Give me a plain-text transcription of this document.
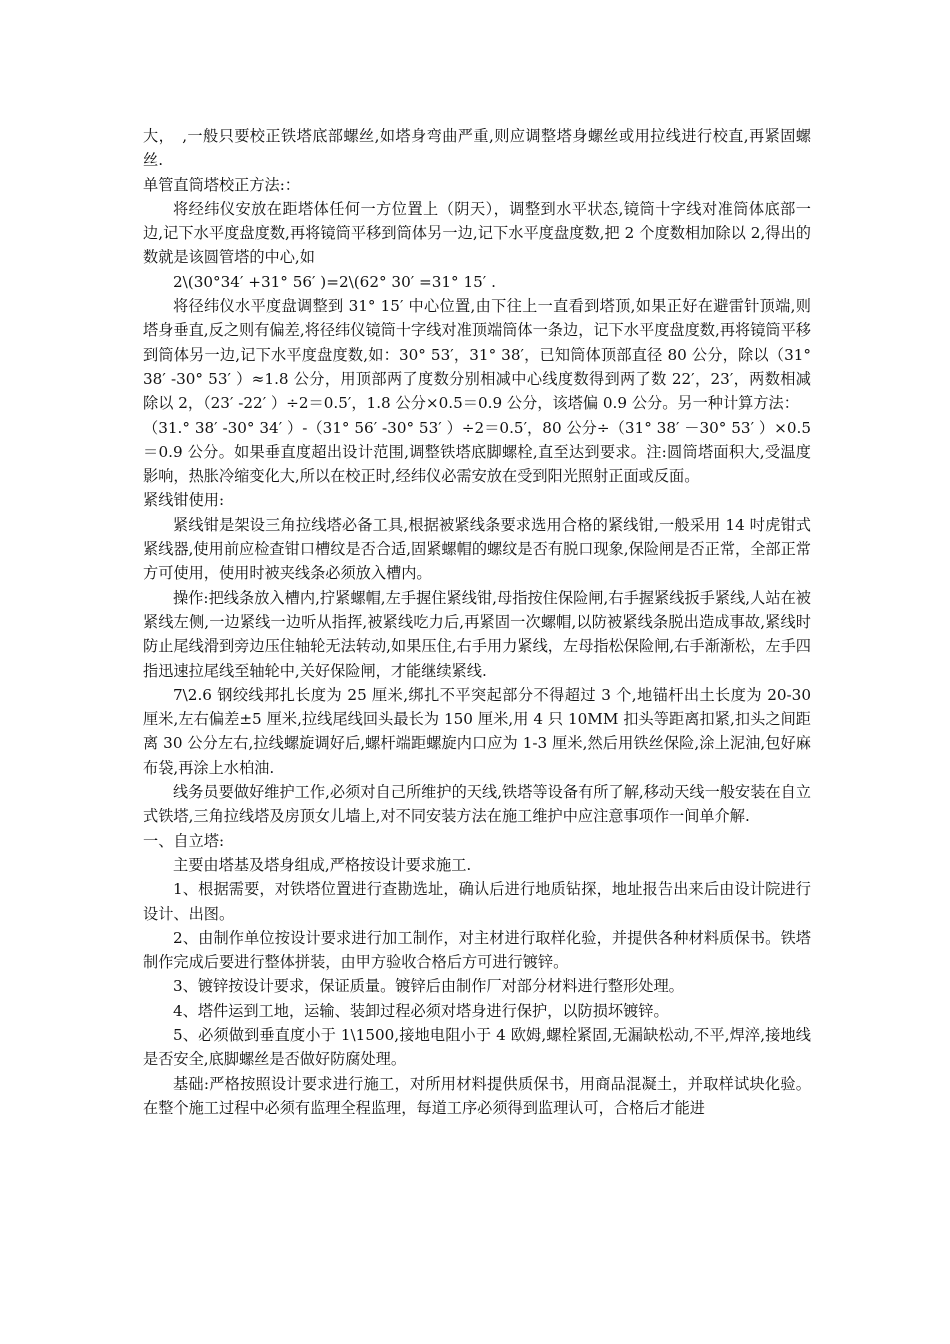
大，　,一般只要校正铁塔底部螺丝,如塔身弯曲严重,则应调整塔身螺丝或用拉线进行校直,再紧固螺丝.

单管直筒塔校正方法:：

将经纬仪安放在距塔体任何一方位置上（阴天），调整到水平状态,镜筒十字线对准筒体底部一边,记下水平度盘度数,再将镜筒平移到筒体另一边,记下水平度盘度数,把 2 个度数相加除以 2,得出的数就是该圆管塔的中心,如

2\(30°34′ +31° 56′ )=2\(62° 30′ =31° 15′ .

将径纬仪水平度盘调整到 31° 15′ 中心位置,由下往上一直看到塔顶,如果正好在避雷针顶端,则塔身垂直,反之则有偏差,将径纬仪镜筒十字线对准顶端筒体一条边，记下水平度盘度数,再将镜筒平移到筒体另一边,记下水平度盘度数,如：30° 53′，31° 38′，已知筒体顶部直径 80 公分，除以（31° 38′ -30° 53′ ）≈1.8 公分，用顶部两了度数分别相减中心线度数得到两了数 22′，23′，两数相减除以 2，（23′ -22′ ）÷2＝0.5′，1.8 公分×0.5＝0.9 公分，该塔偏 0.9 公分。另一种计算方法：

（31.° 38′ -30° 34′ ）-（31° 56′ -30° 53′ ）÷2＝0.5′，80 公分÷（31° 38′ －30° 53′ ）×0.5＝0.9 公分。如果垂直度超出设计范围,调整铁塔底脚螺栓,直至达到要求。注:圆筒塔面积大,受温度影响，热胀冷缩变化大,所以在校正时,经纬仪必需安放在受到阳光照射正面或反面。

紧线钳使用:

紧线钳是架设三角拉线塔必备工具,根据被紧线条要求选用合格的紧线钳,一般采用 14 吋虎钳式紧线器,使用前应检查钳口槽纹是否合适,固紧螺帽的螺纹是否有脱口现象,保险闸是否正常，全部正常方可使用，使用时被夹线条必须放入槽内。

操作:把线条放入槽内,拧紧螺帽,左手握住紧线钳,母指按住保险闸,右手握紧线扳手紧线,人站在被紧线左侧,一边紧线一边听从指挥,被紧线吃力后,再紧固一次螺帽,以防被紧线条脱出造成事故,紧线时防止尾线滑到旁边压住轴轮无法转动,如果压住,右手用力紧线，左母指松保险闸,右手渐渐松，左手四指迅速拉尾线至轴轮中,关好保险闸，才能继续紧线.

7\2.6 钢绞线邦扎长度为 25 厘米,绑扎不平突起部分不得超过 3 个,地锚杆出土长度为 20-30 厘米,左右偏差±5 厘米,拉线尾线回头最长为 150 厘米,用 4 只 10MM 扣头等距离扣紧,扣头之间距离 30 公分左右,拉线螺旋调好后,螺杆端距螺旋内口应为 1-3 厘米,然后用铁丝保险,涂上泥油,包好麻布袋,再涂上水柏油.

线务员要做好维护工作,必须对自己所维护的天线,铁塔等设备有所了解,移动天线一般安装在自立式铁塔,三角拉线塔及房顶女儿墙上,对不同安装方法在施工维护中应注意事项作一间单介解.

一、自立塔:

主要由塔基及塔身组成,严格按设计要求施工.

1、根据需要，对铁塔位置进行查勘选址，确认后进行地质钻探，地址报告出来后由设计院进行设计、出图。

2、由制作单位按设计要求进行加工制作，对主材进行取样化验，并提供各种材料质保书。铁塔制作完成后要进行整体拼装，由甲方验收合格后方可进行镀锌。

3、镀锌按设计要求，保证质量。镀锌后由制作厂对部分材料进行整形处理。

4、塔件运到工地，运输、装卸过程必须对塔身进行保护，以防损坏镀锌。

5、必须做到垂直度小于 1\1500,接地电阻小于 4 欧姆,螺栓紧固,无漏缺松动,不平,焊淬,接地线是否安全,底脚螺丝是否做好防腐处理。

基础:严格按照设计要求进行施工，对所用材料提供质保书，用商品混凝土，并取样试块化验。在整个施工过程中必须有监理全程监理，每道工序必须得到监理认可，合格后才能进
